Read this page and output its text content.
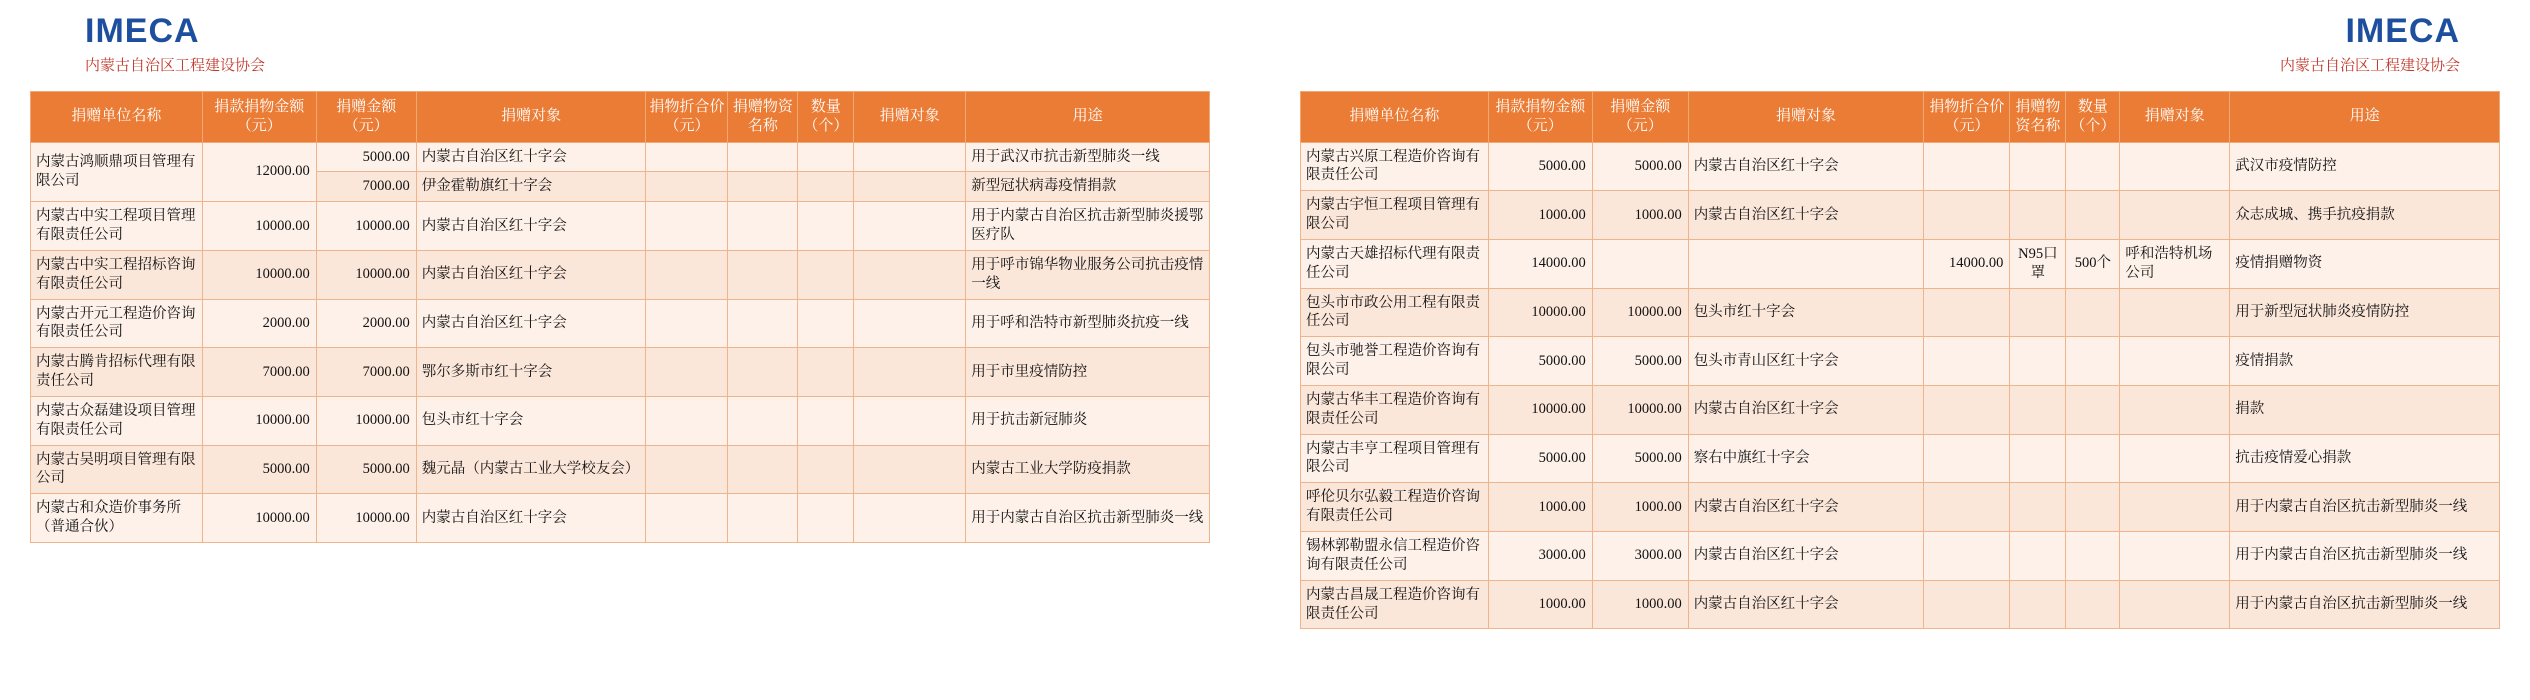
IMECA
内蒙古自治区工程建设协会
捐赠单位名称	捐款捐物金额（元）	捐赠金额（元）	捐赠对象	捐物折合价（元）	捐赠物资名称	数量（个）	捐赠对象	用途
内蒙古鸿顺鼎项目管理有限公司	12000.00	5000.00	内蒙古自治区红十字会					用于武汉市抗击新型肺炎一线
		7000.00	伊金霍勒旗红十字会					新型冠状病毒疫情捐款
内蒙古中实工程项目管理有限责任公司	10000.00	10000.00	内蒙古自治区红十字会					用于内蒙古自治区抗击新型肺炎援鄂医疗队
内蒙古中实工程招标咨询有限责任公司	10000.00	10000.00	内蒙古自治区红十字会					用于呼市锦华物业服务公司抗击疫情一线
内蒙古开元工程造价咨询有限责任公司	2000.00	2000.00	内蒙古自治区红十字会					用于呼和浩特市新型肺炎抗疫一线
内蒙古腾肯招标代理有限责任公司	7000.00	7000.00	鄂尔多斯市红十字会					用于市里疫情防控
内蒙古众磊建设项目管理有限责任公司	10000.00	10000.00	包头市红十字会					用于抗击新冠肺炎
内蒙古吴明项目管理有限公司	5000.00	5000.00	魏元晶（内蒙古工业大学校友会）					内蒙古工业大学防疫捐款
内蒙古和众造价事务所（普通合伙）	10000.00	10000.00	内蒙古自治区红十字会					用于内蒙古自治区抗击新型肺炎一线
IMECA
内蒙古自治区工程建设协会
捐赠单位名称	捐款捐物金额（元）	捐赠金额（元）	捐赠对象	捐物折合价（元）	捐赠物资名称	数量（个）	捐赠对象	用途
内蒙古兴原工程造价咨询有限责任公司	5000.00	5000.00	内蒙古自治区红十字会					武汉市疫情防控
内蒙古宇恒工程项目管理有限公司	1000.00	1000.00	内蒙古自治区红十字会					众志成城、携手抗疫捐款
内蒙古天雄招标代理有限责任公司	14000.00			14000.00	N95口罩	500个	呼和浩特机场公司	疫情捐赠物资
包头市市政公用工程有限责任公司	10000.00	10000.00	包头市红十字会					用于新型冠状肺炎疫情防控
包头市驰誉工程造价咨询有限公司	5000.00	5000.00	包头市青山区红十字会					疫情捐款
内蒙古华丰工程造价咨询有限责任公司	10000.00	10000.00	内蒙古自治区红十字会					捐款
内蒙古丰亨工程项目管理有限公司	5000.00	5000.00	察右中旗红十字会					抗击疫情爱心捐款
呼伦贝尔弘毅工程造价咨询有限责任公司	1000.00	1000.00	内蒙古自治区红十字会					用于内蒙古自治区抗击新型肺炎一线
锡林郭勒盟永信工程造价咨询有限责任公司	3000.00	3000.00	内蒙古自治区红十字会					用于内蒙古自治区抗击新型肺炎一线
内蒙古昌晟工程造价咨询有限责任公司	1000.00	1000.00	内蒙古自治区红十字会					用于内蒙古自治区抗击新型肺炎一线
